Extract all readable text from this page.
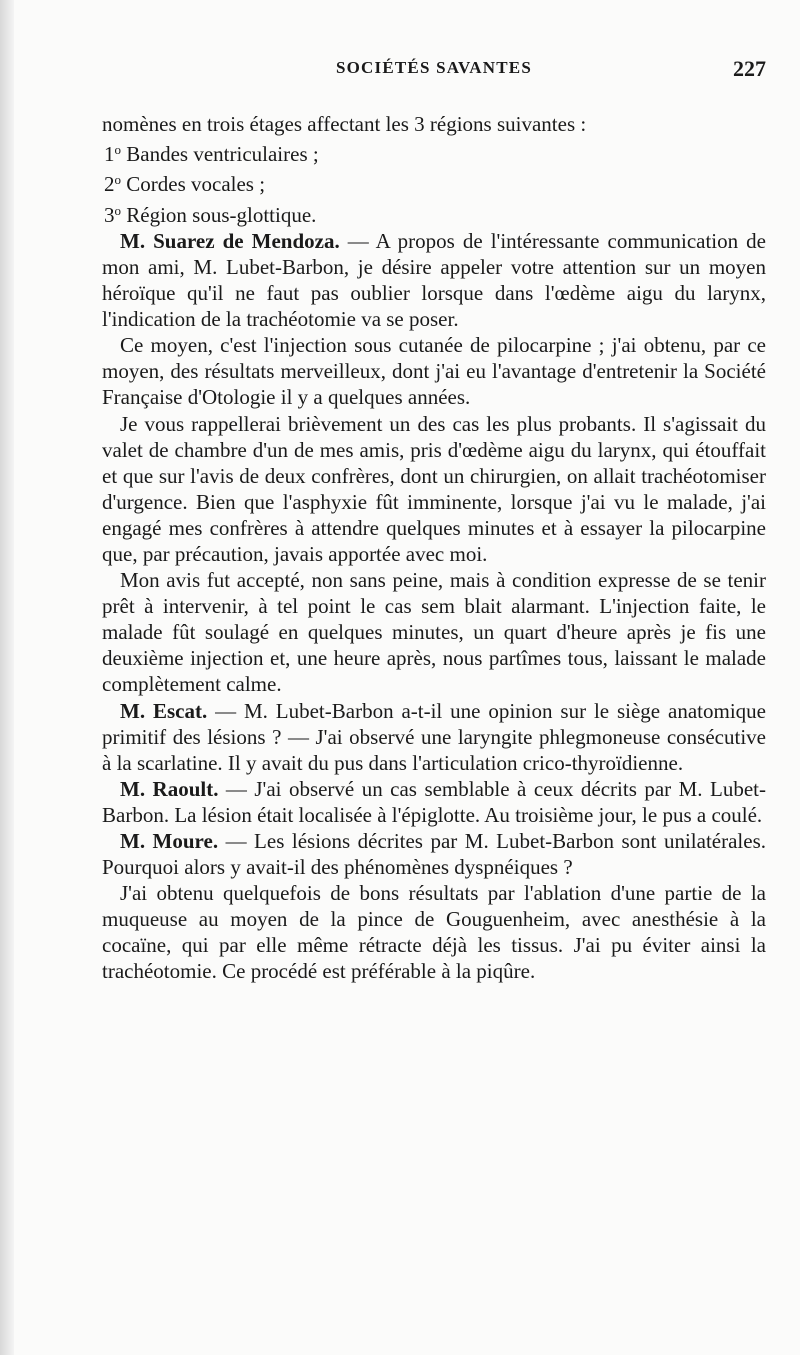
SOCIÉTÉS SAVANTES	227

nomènes en trois étages affectant les 3 régions suivantes :

1$^o$ Bandes ventriculaires ;

2$^o$ Cordes vocales ;

3$^o$ Région sous-glottique.

M. Suarez de Mendoza. — A propos de l'intéressante communication de mon ami, M. Lubet-Barbon, je désire appeler votre attention sur un moyen héroïque qu'il ne faut pas oublier lorsque dans l'œdème aigu du larynx, l'indication de la trachéotomie va se poser.

Ce moyen, c'est l'injection sous cutanée de pilocarpine ; j'ai obtenu, par ce moyen, des résultats merveilleux, dont j'ai eu l'avantage d'entretenir la Société Française d'Otologie il y a quelques années.

Je vous rappellerai brièvement un des cas les plus probants. Il s'agissait du valet de chambre d'un de mes amis, pris d'œdème aigu du larynx, qui étouffait et que sur l'avis de deux confrères, dont un chirurgien, on allait trachéotomiser d'urgence. Bien que l'asphyxie fût imminente, lorsque j'ai vu le malade, j'ai engagé mes confrères à attendre quelques minutes et à essayer la pilocarpine que, par précaution, javais apportée avec moi.

Mon avis fut accepté, non sans peine, mais à condition expresse de se tenir prêt à intervenir, à tel point le cas sem blait alarmant. L'injection faite, le malade fût soulagé en quelques minutes, un quart d'heure après je fis une deuxième injection et, une heure après, nous partîmes tous, laissant le malade complètement calme.

M. Escat. — M. Lubet-Barbon a-t-il une opinion sur le siège anatomique primitif des lésions ? — J'ai observé une laryngite phlegmoneuse consécutive à la scarlatine. Il y avait du pus dans l'articulation crico-thyroïdienne.

M. Raoult. — J'ai observé un cas semblable à ceux décrits par M. Lubet-Barbon. La lésion était localisée à l'épiglotte. Au troisième jour, le pus a coulé.

M. Moure. — Les lésions décrites par M. Lubet-Barbon sont unilatérales. Pourquoi alors y avait-il des phénomènes dyspnéiques ?

J'ai obtenu quelquefois de bons résultats par l'ablation d'une partie de la muqueuse au moyen de la pince de Gouguenheim, avec anesthésie à la cocaïne, qui par elle même rétracte déjà les tissus. J'ai pu éviter ainsi la trachéotomie. Ce procédé est préférable à la piqûre.
